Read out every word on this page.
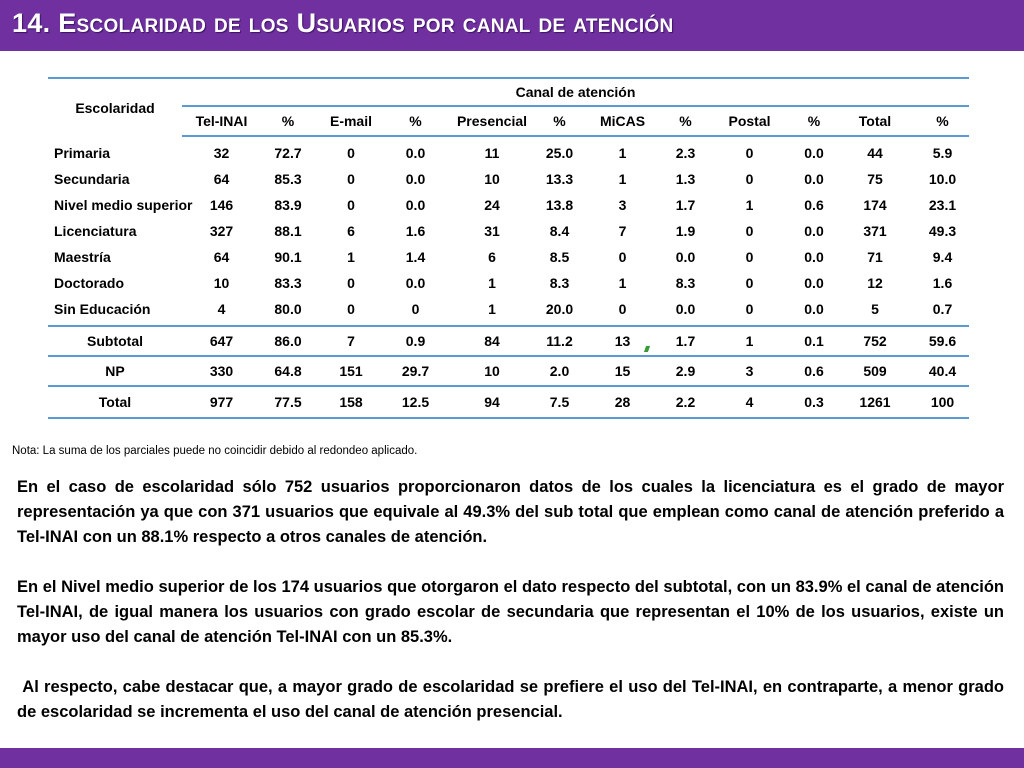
14. Escolaridad de los Usuarios por canal de atención
Escolaridad	Canal de atención											
	Tel-INAI	%	E-mail	%	Presencial	%	MiCAS	%	Postal	%	Total	%

Primaria	32	72.7	0	0.0	11	25.0	1	2.3	0	0.0	44	5.9
Secundaria	64	85.3	0	0.0	10	13.3	1	1.3	0	0.0	75	10.0
Nivel medio superior	146	83.9	0	0.0	24	13.8	3	1.7	1	0.6	174	23.1
Licenciatura	327	88.1	6	1.6	31	8.4	7	1.9	0	0.0	371	49.3
Maestría	64	90.1	1	1.4	6	8.5	0	0.0	0	0.0	71	9.4
Doctorado	10	83.3	0	0.0	1	8.3	1	8.3	0	0.0	12	1.6
Sin Educación	4	80.0	0	0	1	20.0	0	0.0	0	0.0	5	0.7

Subtotal	647	86.0	7	0.9	84	11.2	13	1.7	1	0.1	752	59.6
NP	330	64.8	151	29.7	10	2.0	15	2.9	3	0.6	509	40.4
Total	977	77.5	158	12.5	94	7.5	28	2.2	4	0.3	1261	100
Nota: La suma de los parciales puede no coincidir debido al redondeo aplicado.

En el caso de escolaridad sólo 752 usuarios proporcionaron datos de los cuales la licenciatura es el grado de mayor representación ya que con 371 usuarios que equivale al 49.3% del sub total que emplean como canal de atención preferido a Tel-INAI con un 88.1% respecto a otros canales de atención.

En el Nivel medio superior de los 174 usuarios que otorgaron el dato respecto del subtotal, con un 83.9% el canal de atención Tel-INAI, de igual manera los usuarios con grado escolar de secundaria que representan el 10% de los usuarios, existe un mayor uso del canal de atención Tel-INAI con un 85.3%.

Al respecto, cabe destacar que, a mayor grado de escolaridad se prefiere el uso del Tel-INAI, en contraparte, a menor grado de escolaridad se incrementa el uso del canal de atención presencial.
